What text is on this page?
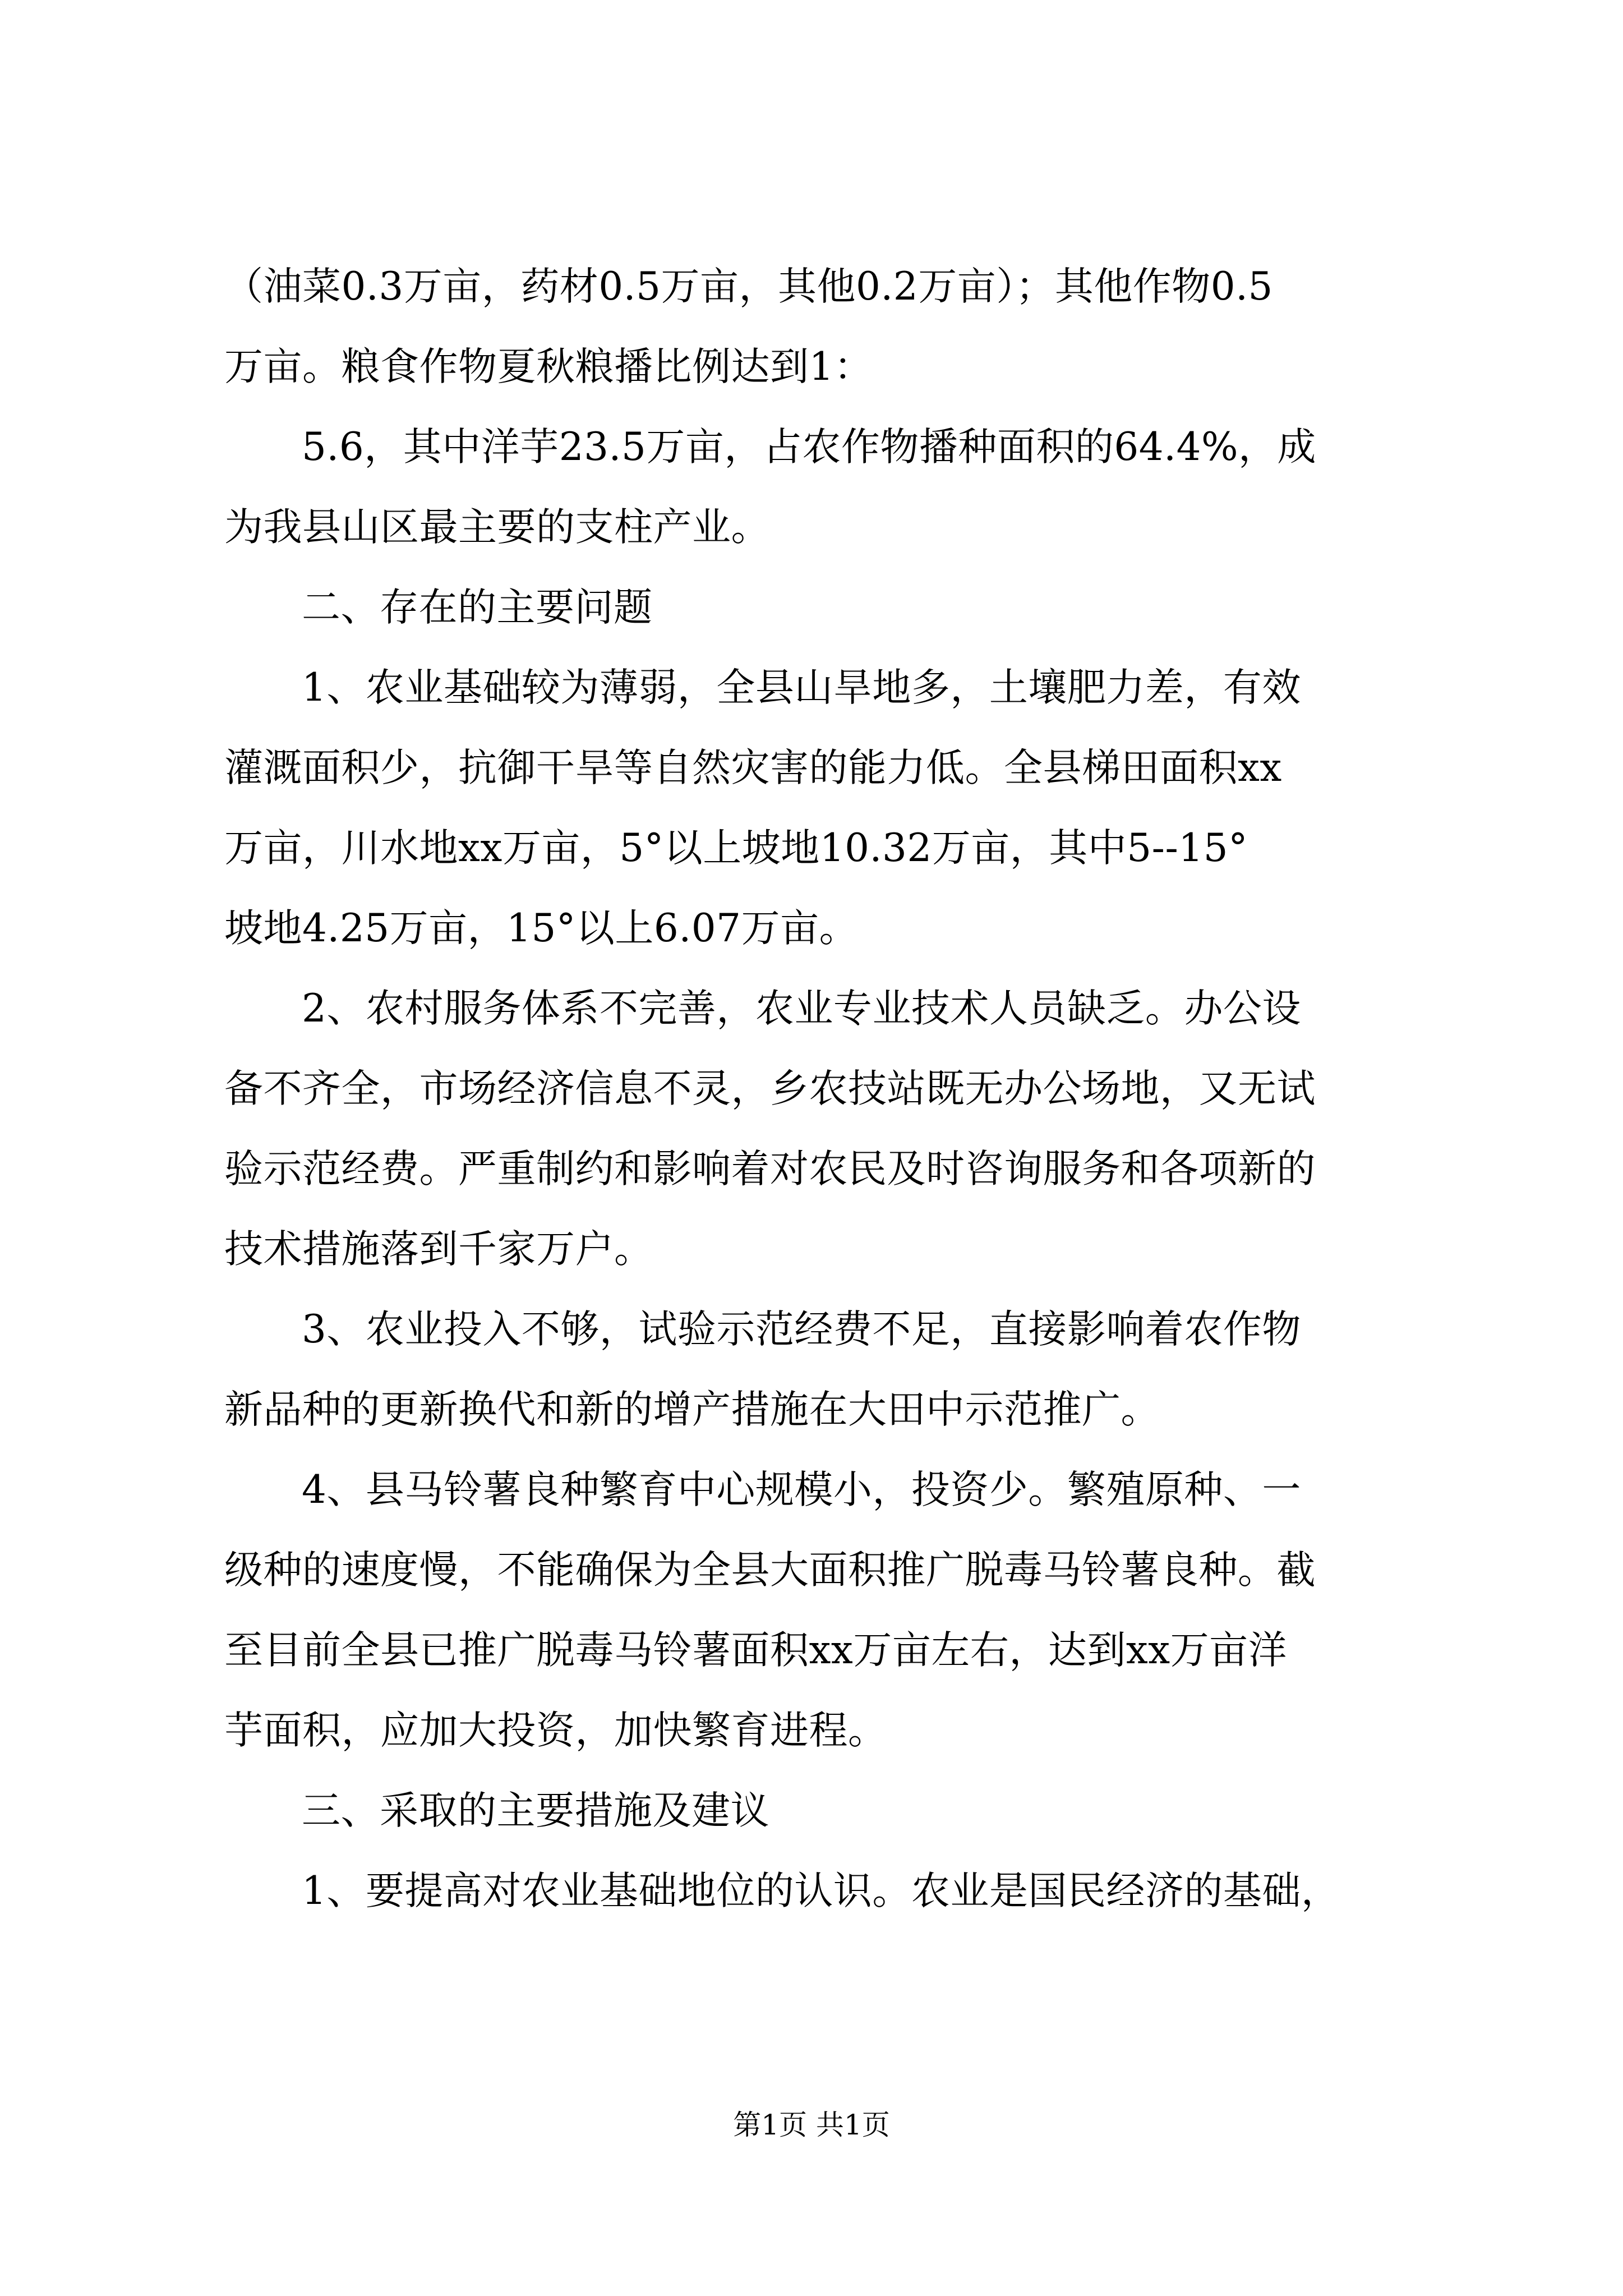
（油菜0.3万亩，药材0.5万亩，其他0.2万亩）；其他作物0.5
万亩。粮食作物夏秋粮播比例达到1：
5.6，其中洋芋23.5万亩，占农作物播种面积的64.4%，成
为我县山区最主要的支柱产业。
二、存在的主要问题
1、农业基础较为薄弱，全县山旱地多，土壤肥力差，有效
灌溉面积少，抗御干旱等自然灾害的能力低。全县梯田面积xx
万亩，川水地xx万亩，5°以上坡地10.32万亩，其中5--15°
坡地4.25万亩，15°以上6.07万亩。
2、农村服务体系不完善，农业专业技术人员缺乏。办公设
备不齐全，市场经济信息不灵，乡农技站既无办公场地，又无试
验示范经费。严重制约和影响着对农民及时咨询服务和各项新的
技术措施落到千家万户。
3、农业投入不够，试验示范经费不足，直接影响着农作物
新品种的更新换代和新的增产措施在大田中示范推广。
4、县马铃薯良种繁育中心规模小，投资少。繁殖原种、一
级种的速度慢，不能确保为全县大面积推广脱毒马铃薯良种。截
至目前全县已推广脱毒马铃薯面积xx万亩左右，达到xx万亩洋
芋面积，应加大投资，加快繁育进程。
三、采取的主要措施及建议
1、要提高对农业基础地位的认识。农业是国民经济的基础，
第1页 共1页
